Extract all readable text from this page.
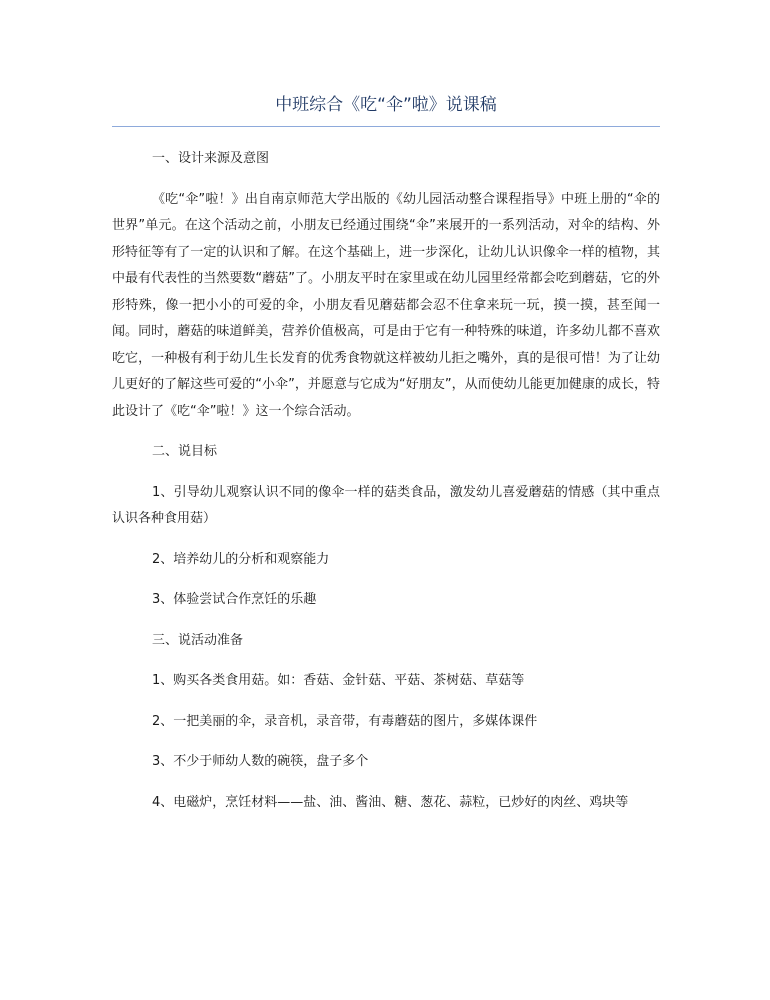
中班综合《吃“伞”啦》说课稿

一、设计来源及意图

《吃“伞”啦！》出自南京师范大学出版的《幼儿园活动整合课程指导》中班上册的“伞的世界”单元。在这个活动之前，小朋友已经通过围绕“伞”来展开的一系列活动，对伞的结构、外形特征等有了一定的认识和了解。在这个基础上，进一步深化，让幼儿认识像伞一样的植物，其中最有代表性的当然要数“蘑菇”了。小朋友平时在家里或在幼儿园里经常都会吃到蘑菇，它的外形特殊，像一把小小的可爱的伞，小朋友看见蘑菇都会忍不住拿来玩一玩，摸一摸，甚至闻一闻。同时，蘑菇的味道鲜美，营养价值极高，可是由于它有一种特殊的味道，许多幼儿都不喜欢吃它，一种极有利于幼儿生长发育的优秀食物就这样被幼儿拒之嘴外，真的是很可惜！为了让幼儿更好的了解这些可爱的“小伞”，并愿意与它成为“好朋友”，从而使幼儿能更加健康的成长，特此设计了《吃“伞”啦！》这一个综合活动。

二、说目标

1、引导幼儿观察认识不同的像伞一样的菇类食品，激发幼儿喜爱蘑菇的情感（其中重点认识各种食用菇）

2、培养幼儿的分析和观察能力

3、体验尝试合作烹饪的乐趣

三、说活动准备

1、购买各类食用菇。如：香菇、金针菇、平菇、茶树菇、草菇等

2、一把美丽的伞，录音机，录音带，有毒蘑菇的图片，多媒体课件

3、不少于师幼人数的碗筷，盘子多个

4、电磁炉，烹饪材料——盐、油、酱油、糖、葱花、蒜粒，已炒好的肉丝、鸡块等
